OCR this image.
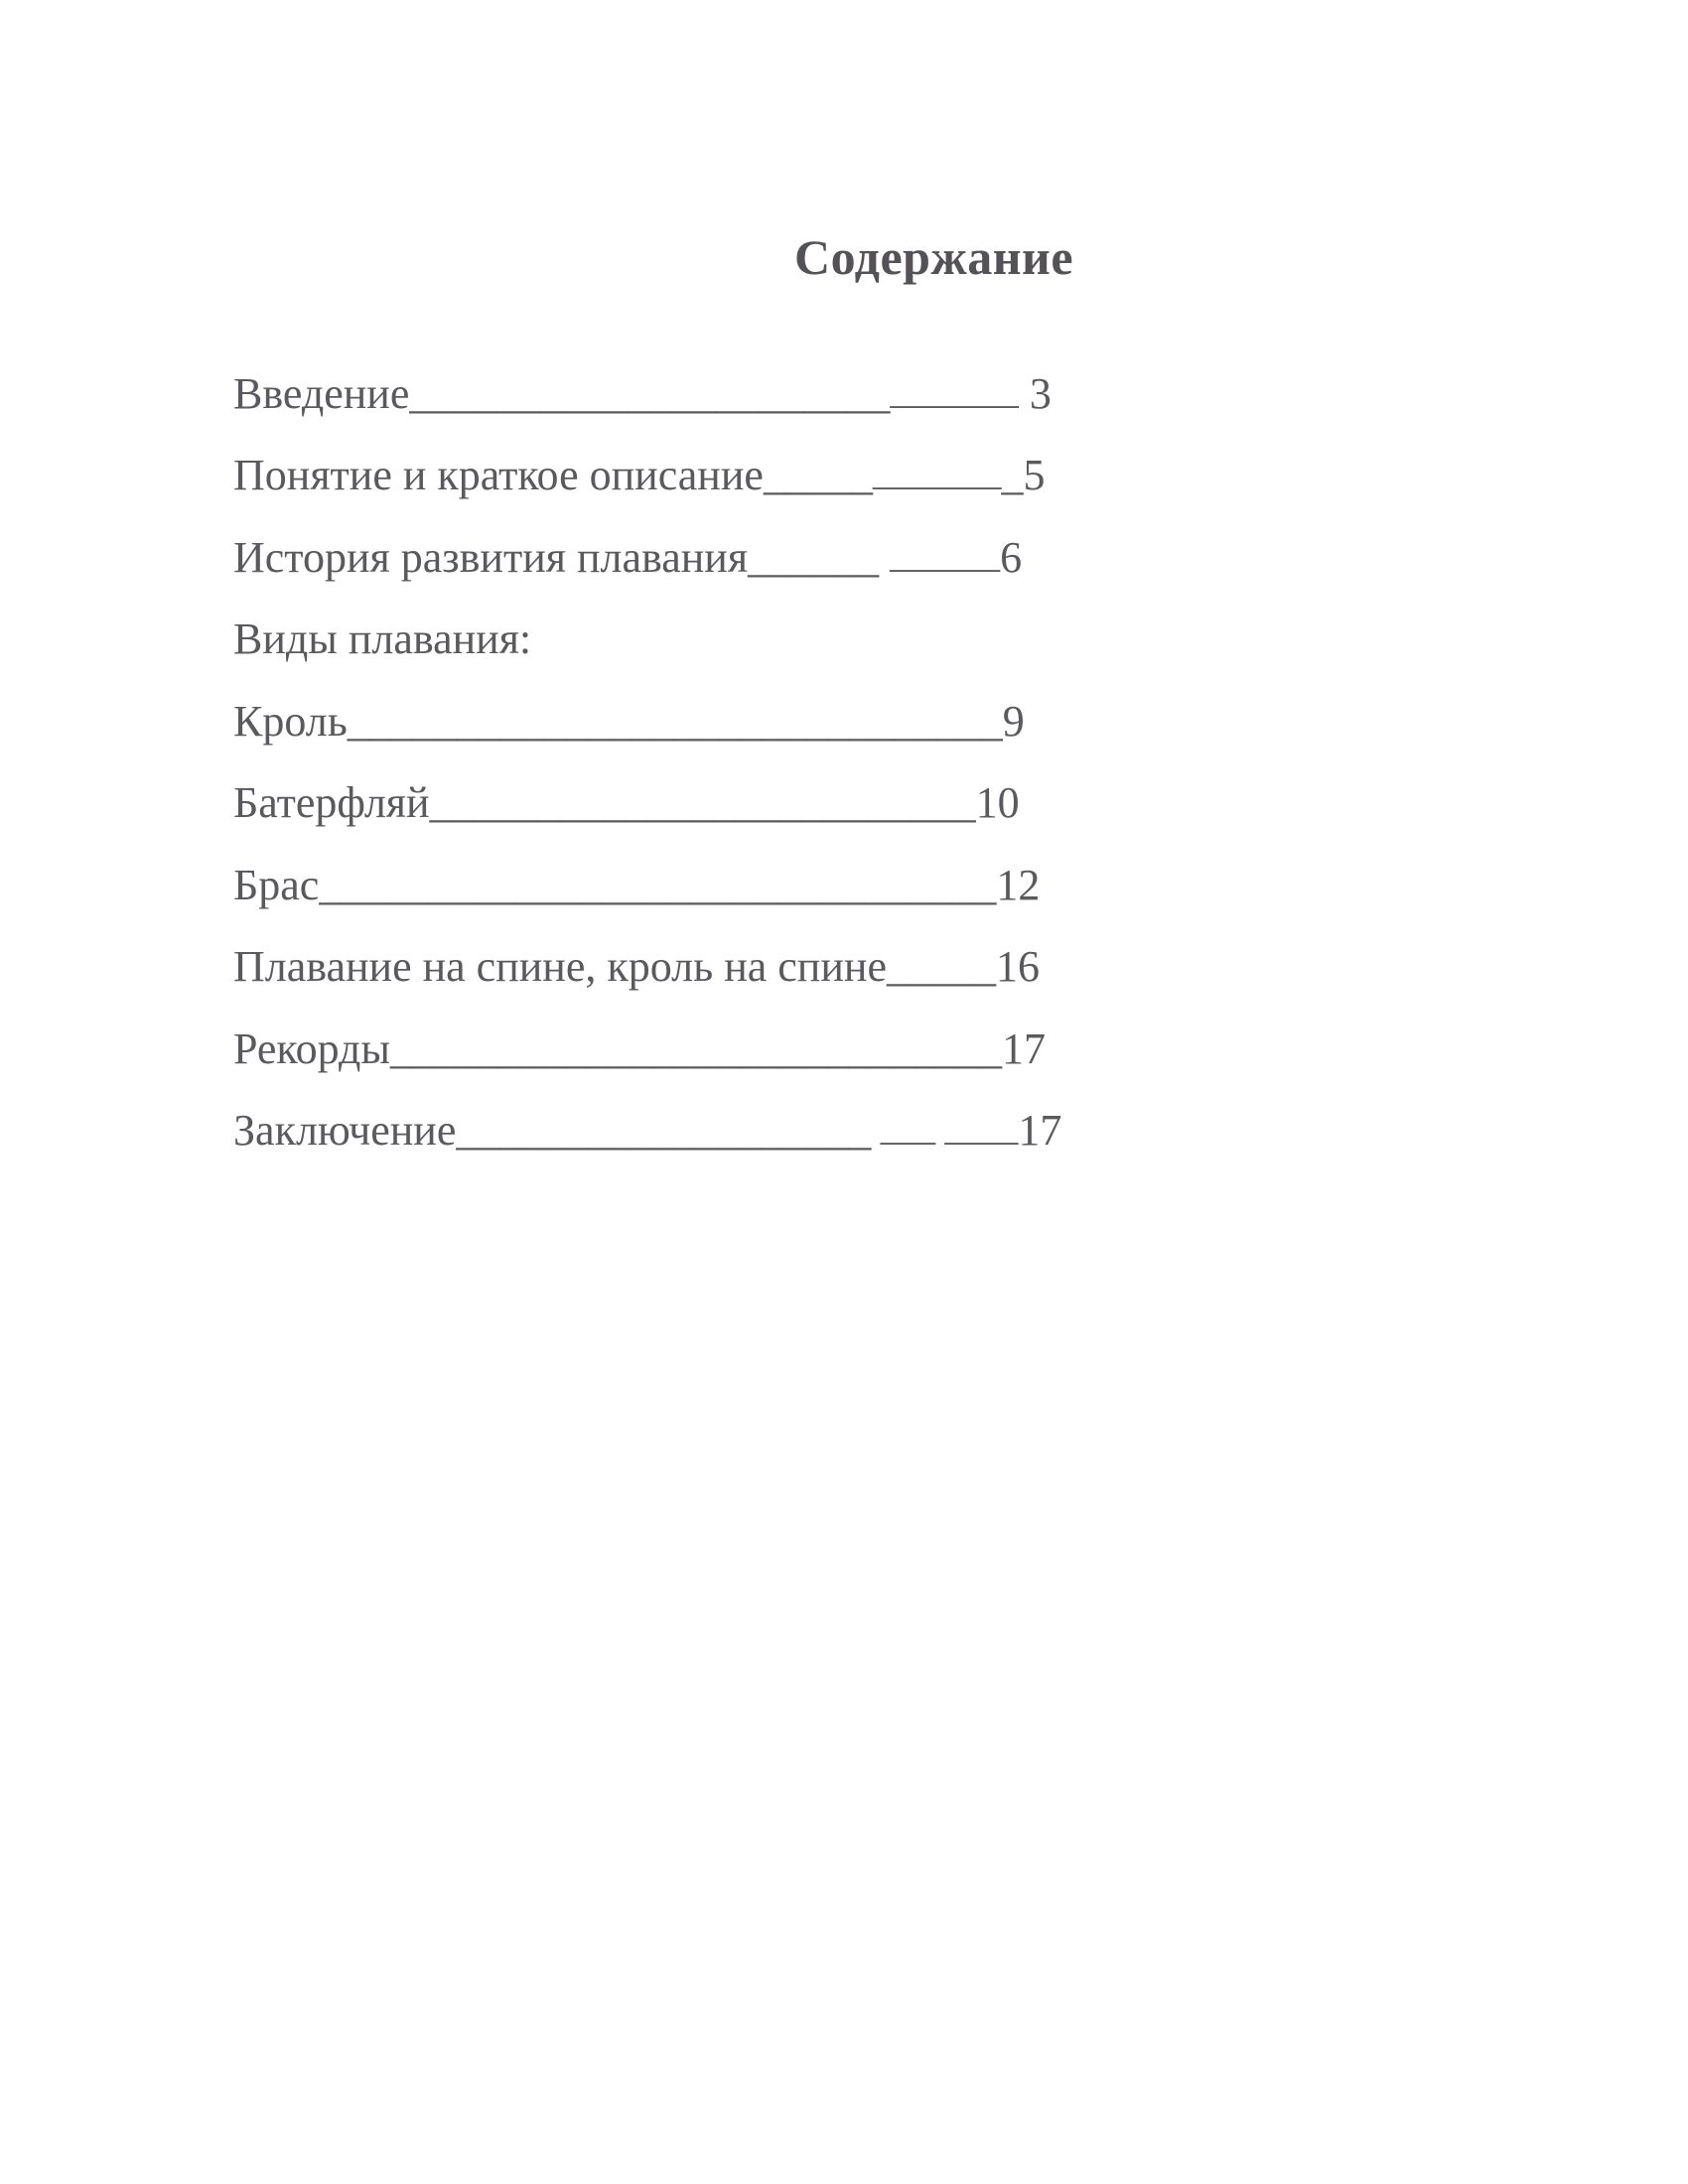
Содержание
Введение_____________________________ 3
Понятие и краткое описание_____________5
История развития плавания______ ______6
Виды плавания:
Кроль______________________________9
Батерфляй_________________________10
Брас_______________________________12
Плавание на спине, кроль на спине_____16
Рекорды____________________________17
Заключение___________________ ___ ____17
